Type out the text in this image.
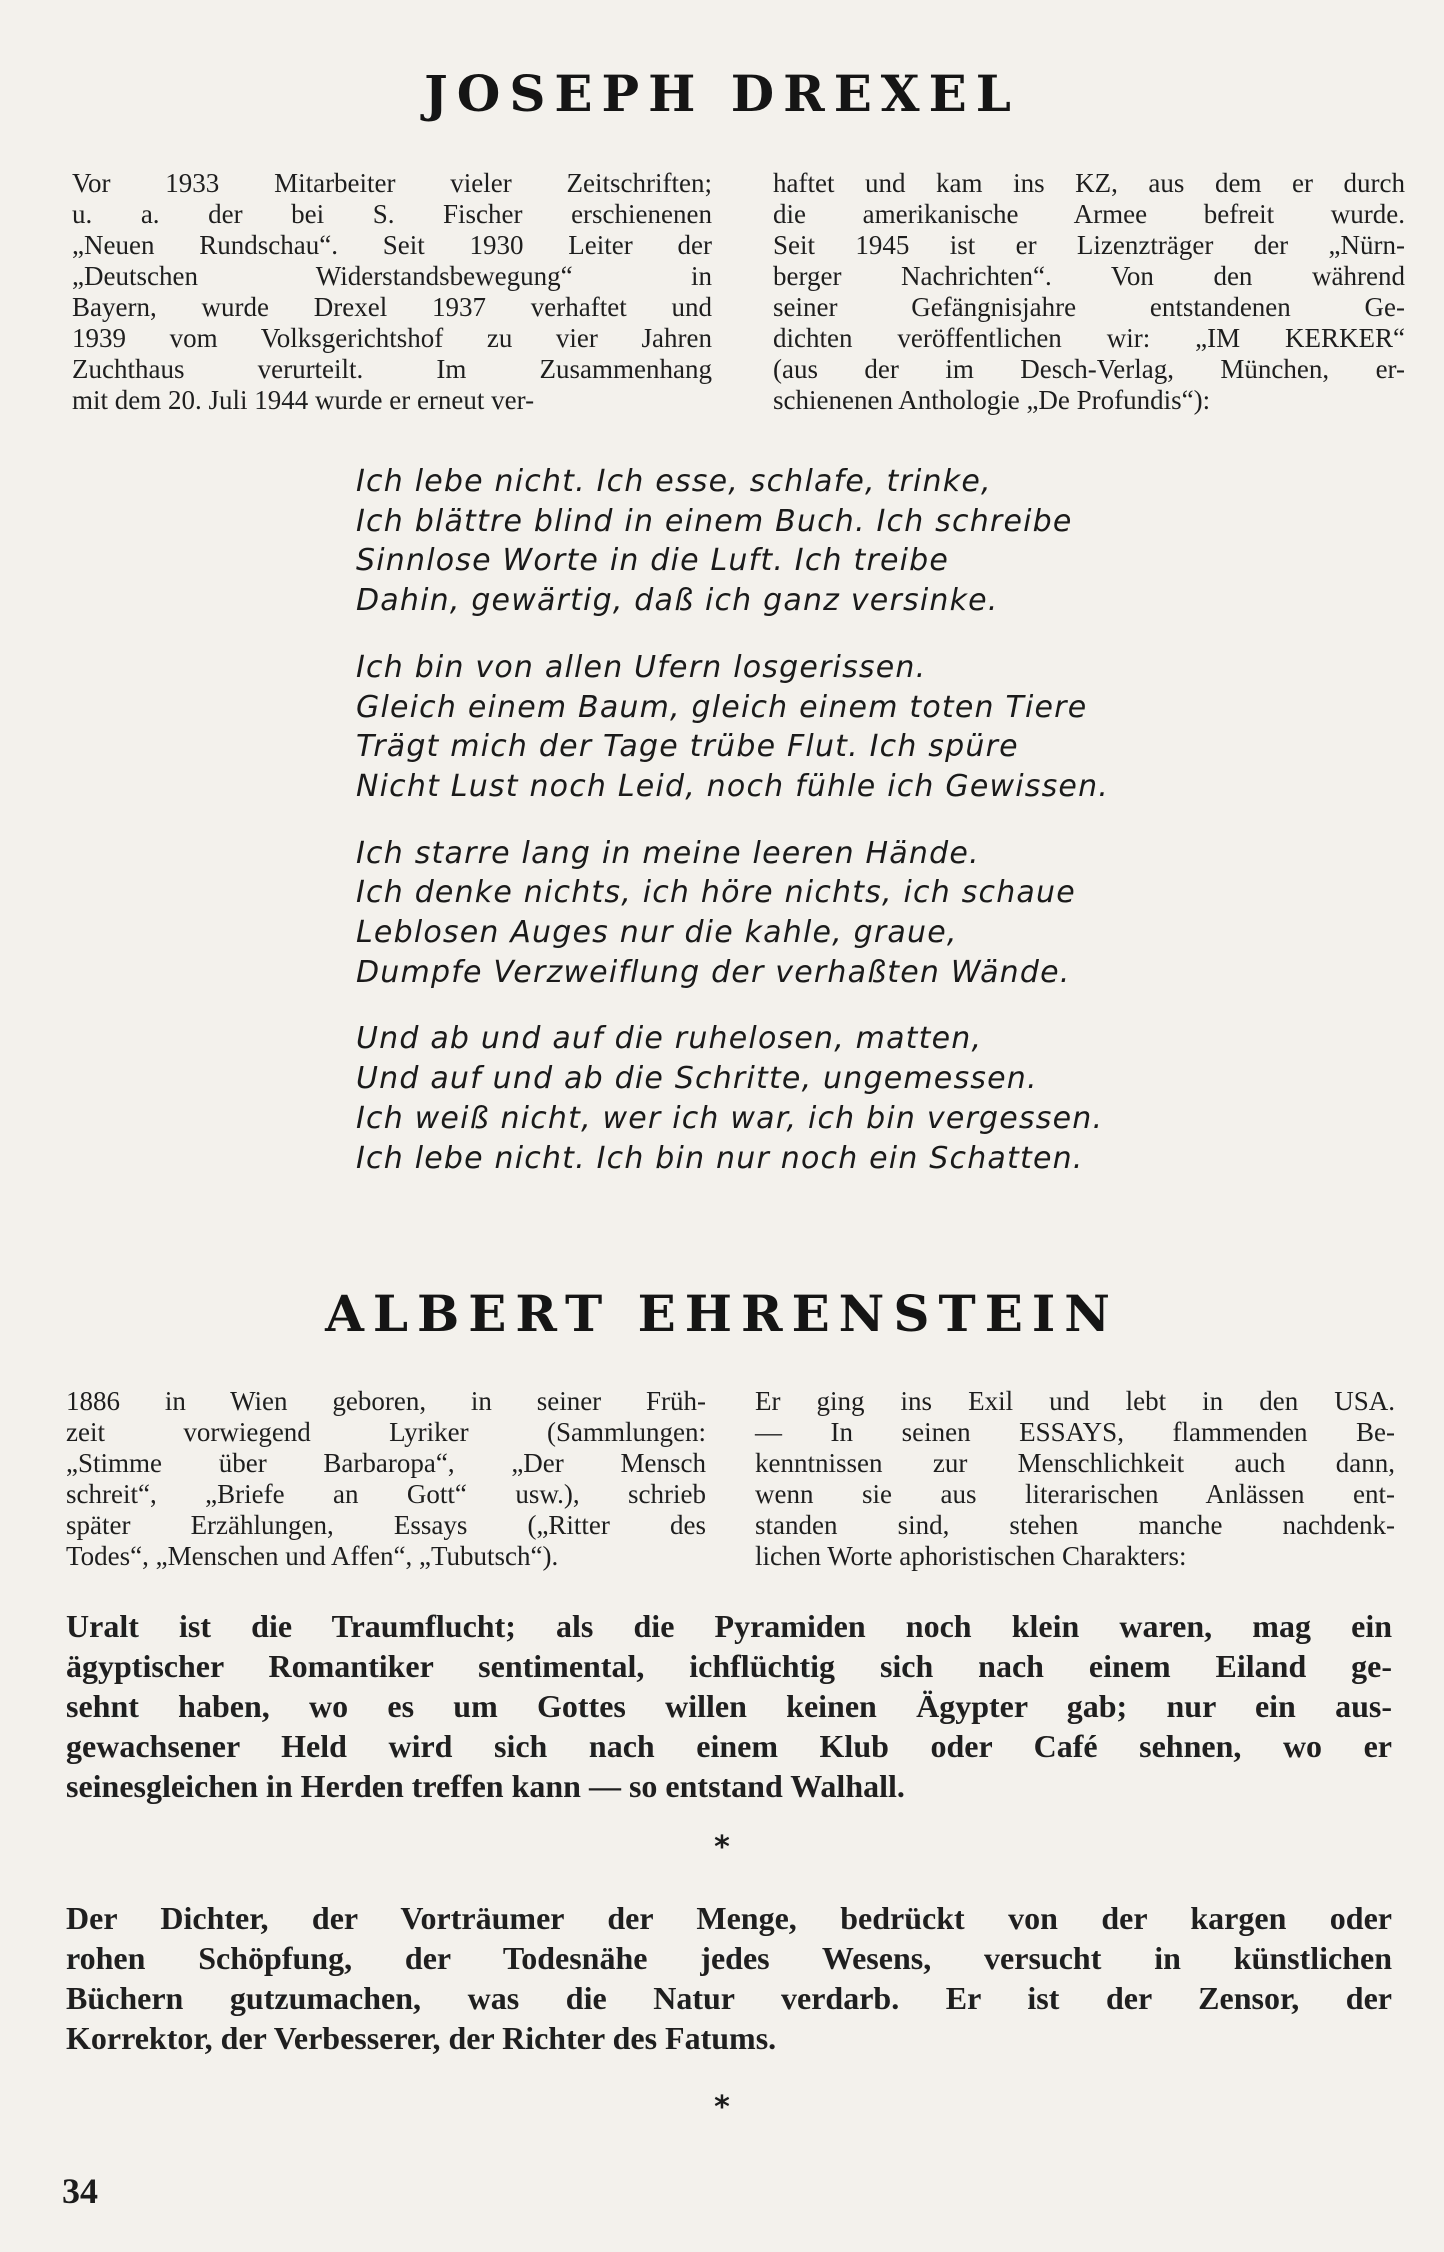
JOSEPH DREXEL
Vor 1933 Mitarbeiter vieler Zeitschriften;
u. a. der bei S. Fischer erschienenen
„Neuen Rundschau“. Seit 1930 Leiter der
„Deutschen Widerstandsbewegung“ in
Bayern, wurde Drexel 1937 verhaftet und
1939 vom Volksgerichtshof zu vier Jahren
Zuchthaus verurteilt. Im Zusammenhang
mit dem 20. Juli 1944 wurde er erneut ver-
haftet und kam ins KZ, aus dem er durch
die amerikanische Armee befreit wurde.
Seit 1945 ist er Lizenzträger der „Nürn-
berger Nachrichten“. Von den während
seiner Gefängnisjahre entstandenen Ge-
dichten veröffentlichen wir: „IM KERKER“
(aus der im Desch-Verlag, München, er-
schienenen Anthologie „De Profundis“):
Ich lebe nicht. Ich esse, schlafe, trinke,
Ich blättre blind in einem Buch. Ich schreibe
Sinnlose Worte in die Luft. Ich treibe
Dahin, gewärtig, daß ich ganz versinke.
Ich bin von allen Ufern losgerissen.
Gleich einem Baum, gleich einem toten Tiere
Trägt mich der Tage trübe Flut. Ich spüre
Nicht Lust noch Leid, noch fühle ich Gewissen.
Ich starre lang in meine leeren Hände.
Ich denke nichts, ich höre nichts, ich schaue
Leblosen Auges nur die kahle, graue,
Dumpfe Verzweiflung der verhaßten Wände.
Und ab und auf die ruhelosen, matten,
Und auf und ab die Schritte, ungemessen.
Ich weiß nicht, wer ich war, ich bin vergessen.
Ich lebe nicht. Ich bin nur noch ein Schatten.
ALBERT EHRENSTEIN
1886 in Wien geboren, in seiner Früh-
zeit vorwiegend Lyriker (Sammlungen:
„Stimme über Barbaropa“, „Der Mensch
schreit“, „Briefe an Gott“ usw.), schrieb
später Erzählungen, Essays („Ritter des
Todes“, „Menschen und Affen“, „Tubutsch“).
Er ging ins Exil und lebt in den USA.
— In seinen ESSAYS, flammenden Be-
kenntnissen zur Menschlichkeit auch dann,
wenn sie aus literarischen Anlässen ent-
standen sind, stehen manche nachdenk-
lichen Worte aphoristischen Charakters:
Uralt ist die Traumflucht; als die Pyramiden noch klein waren, mag ein
ägyptischer Romantiker sentimental, ichflüchtig sich nach einem Eiland ge-
sehnt haben, wo es um Gottes willen keinen Ägypter gab; nur ein aus-
gewachsener Held wird sich nach einem Klub oder Café sehnen, wo er
seinesgleichen in Herden treffen kann — so entstand Walhall.
*
Der Dichter, der Vorträumer der Menge, bedrückt von der kargen oder
rohen Schöpfung, der Todesnähe jedes Wesens, versucht in künstlichen
Büchern gutzumachen, was die Natur verdarb. Er ist der Zensor, der
Korrektor, der Verbesserer, der Richter des Fatums.
*
34
